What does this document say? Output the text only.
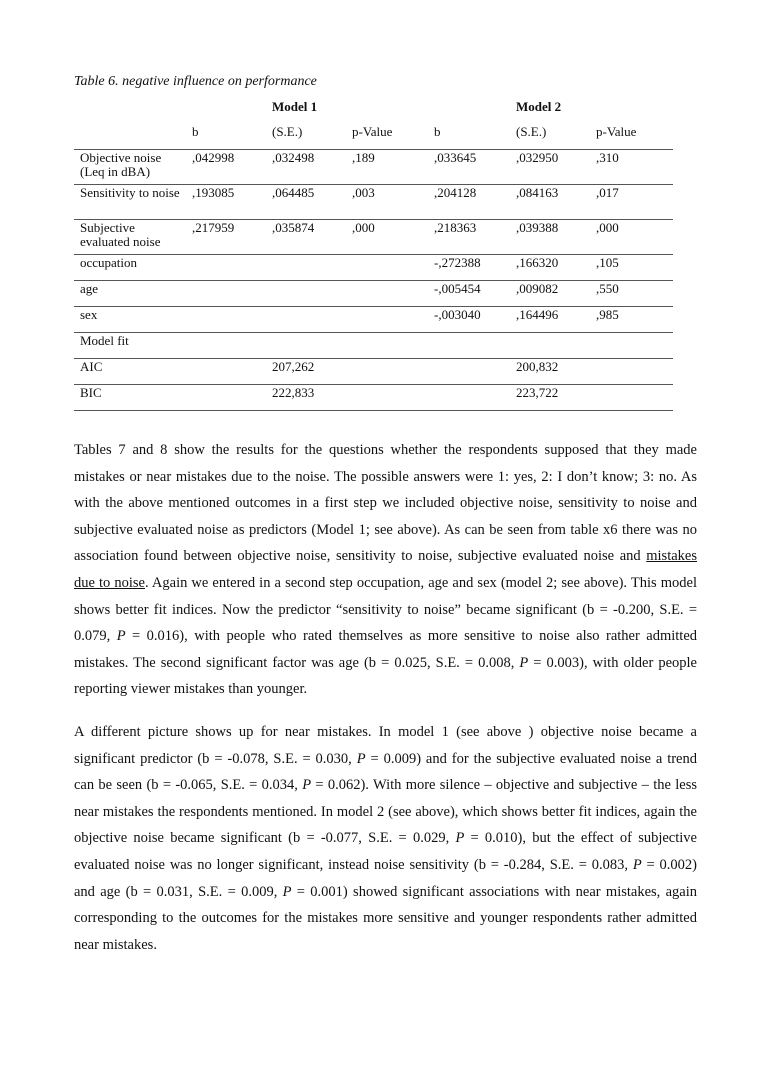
Table 6. negative influence on performance
		Model 1			Model 2	
	b	(S.E.)	p-Value	b	(S.E.)	p-Value
Objective noise (Leq in dBA)	,042998	,032498	,189	,033645	,032950	,310
Sensitivity to noise	,193085	,064485	,003	,204128	,084163	,017
Subjective evaluated noise	,217959	,035874	,000	,218363	,039388	,000
occupation				-,272388	,166320	,105
age				-,005454	,009082	,550
sex				-,003040	,164496	,985
Model fit						
AIC		207,262			200,832	
BIC		222,833			223,722	
Tables 7 and 8 show the results for the questions whether the respondents supposed that they made mistakes or near mistakes due to the noise. The possible answers were 1: yes, 2: I don’t know; 3: no. As with the above mentioned outcomes in a first step we included objective noise, sensitivity to noise and subjective evaluated noise as predictors (Model 1; see above). As can be seen from table x6 there was no association found between objective noise, sensitivity to noise, subjective evaluated noise and mistakes due to noise. Again we entered in a second step occupation, age and sex (model 2; see above). This model shows better fit indices. Now the predictor “sensitivity to noise” became significant (b = -0.200, S.E. = 0.079, P = 0.016), with people who rated themselves as more sensitive to noise also rather admitted mistakes. The second significant factor was age (b = 0.025, S.E. = 0.008, P = 0.003), with older people reporting viewer mistakes than younger.
A different picture shows up for near mistakes. In model 1 (see above ) objective noise became a significant predictor (b = -0.078, S.E. = 0.030, P = 0.009) and for the subjective evaluated noise a trend can be seen (b = -0.065, S.E. = 0.034, P = 0.062). With more silence – objective and subjective – the less near mistakes the respondents mentioned. In model 2 (see above), which shows better fit indices, again the objective noise became significant (b = -0.077, S.E. = 0.029, P = 0.010), but the effect of subjective evaluated noise was no longer significant, instead noise sensitivity (b = -0.284, S.E. = 0.083, P = 0.002) and age (b = 0.031, S.E. = 0.009, P = 0.001) showed significant associations with near mistakes, again corresponding to the outcomes for the mistakes more sensitive and younger respondents rather admitted near mistakes.
